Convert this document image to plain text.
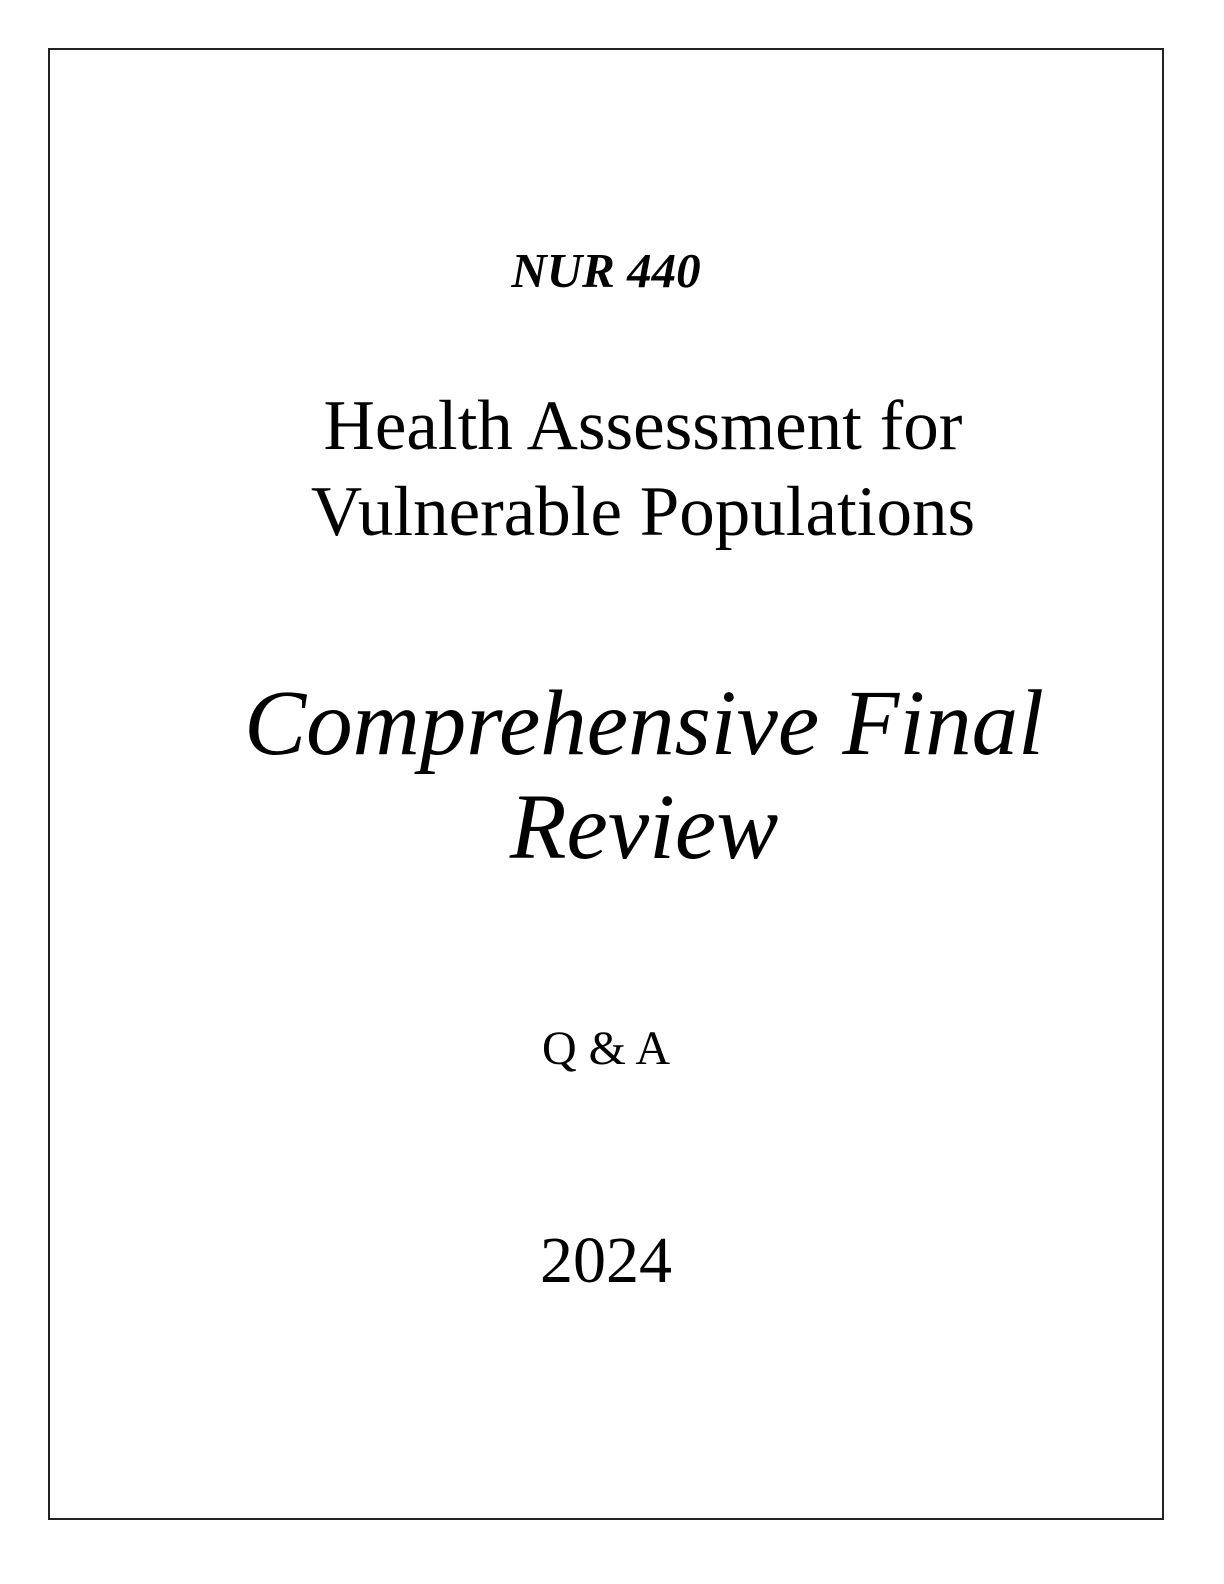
NUR 440
Health Assessment for
Vulnerable Populations
Comprehensive Final
Review
Q & A
2024
